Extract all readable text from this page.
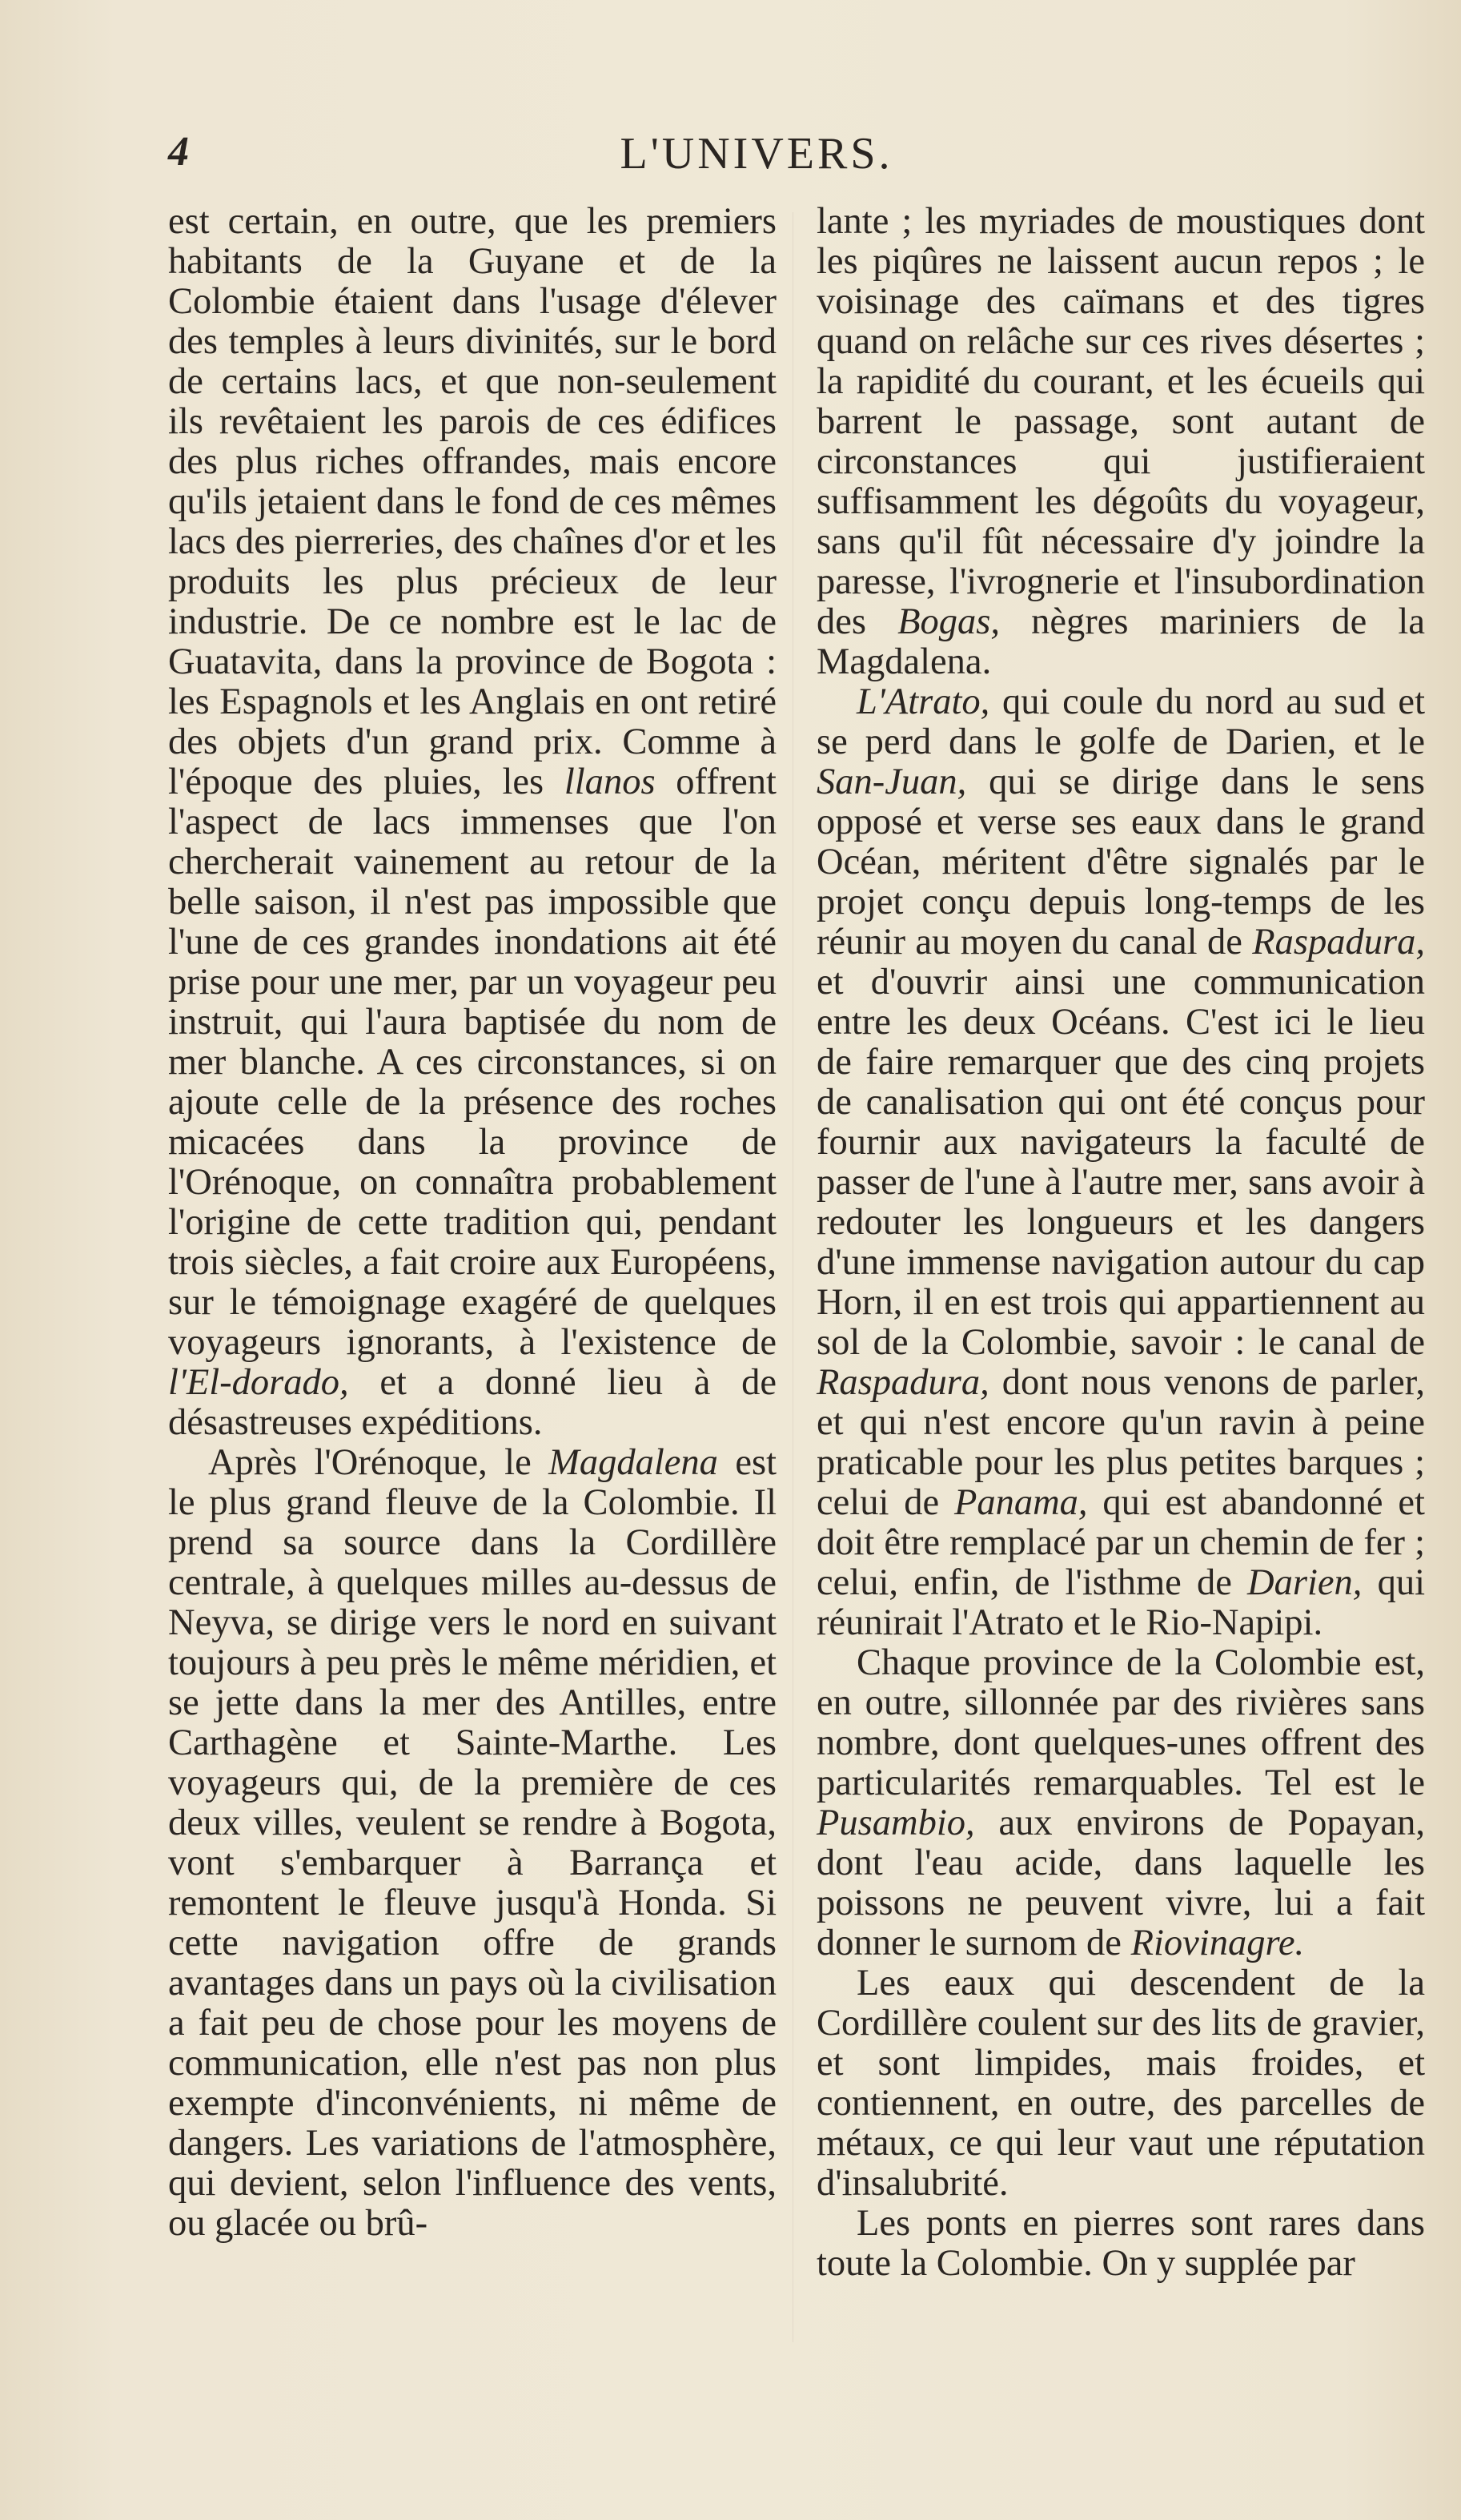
4	L'UNIVERS.

est certain, en outre, que les premiers habitants de la Guyane et de la Colombie étaient dans l'usage d'élever des temples à leurs divinités, sur le bord de certains lacs, et que non-seulement ils revêtaient les parois de ces édifices des plus riches offrandes, mais encore qu'ils jetaient dans le fond de ces mêmes lacs des pierreries, des chaînes d'or et les produits les plus précieux de leur industrie. De ce nombre est le lac de Guatavita, dans la province de Bogota : les Espagnols et les Anglais en ont retiré des objets d'un grand prix. Comme à l'époque des pluies, les llanos offrent l'aspect de lacs immenses que l'on chercherait vainement au retour de la belle saison, il n'est pas impossible que l'une de ces grandes inondations ait été prise pour une mer, par un voyageur peu instruit, qui l'aura baptisée du nom de mer blanche. A ces circonstances, si on ajoute celle de la présence des roches micacées dans la province de l'Orénoque, on connaîtra probablement l'origine de cette tradition qui, pendant trois siècles, a fait croire aux Européens, sur le témoignage exagéré de quelques voyageurs ignorants, à l'existence de l'El-dorado, et a donné lieu à de désastreuses expéditions.

Après l'Orénoque, le Magdalena est le plus grand fleuve de la Colombie. Il prend sa source dans la Cordillère centrale, à quelques milles au-dessus de Neyva, se dirige vers le nord en suivant toujours à peu près le même méridien, et se jette dans la mer des Antilles, entre Carthagène et Sainte-Marthe. Les voyageurs qui, de la première de ces deux villes, veulent se rendre à Bogota, vont s'embarquer à Barrança et remontent le fleuve jusqu'à Honda. Si cette navigation offre de grands avantages dans un pays où la civilisation a fait peu de chose pour les moyens de communication, elle n'est pas non plus exempte d'inconvénients, ni même de dangers. Les variations de l'atmosphère, qui devient, selon l'influence des vents, ou glacée ou brû-

lante ; les myriades de moustiques dont les piqûres ne laissent aucun repos ; le voisinage des caïmans et des tigres quand on relâche sur ces rives désertes ; la rapidité du courant, et les écueils qui barrent le passage, sont autant de circonstances qui justifieraient suffisamment les dégoûts du voyageur, sans qu'il fût nécessaire d'y joindre la paresse, l'ivrognerie et l'insubordination des Bogas, nègres mariniers de la Magdalena.

L'Atrato, qui coule du nord au sud et se perd dans le golfe de Darien, et le San-Juan, qui se dirige dans le sens opposé et verse ses eaux dans le grand Océan, méritent d'être signalés par le projet conçu depuis long-temps de les réunir au moyen du canal de Raspadura, et d'ouvrir ainsi une communication entre les deux Océans. C'est ici le lieu de faire remarquer que des cinq projets de canalisation qui ont été conçus pour fournir aux navigateurs la faculté de passer de l'une à l'autre mer, sans avoir à redouter les longueurs et les dangers d'une immense navigation autour du cap Horn, il en est trois qui appartiennent au sol de la Colombie, savoir : le canal de Raspadura, dont nous venons de parler, et qui n'est encore qu'un ravin à peine praticable pour les plus petites barques ; celui de Panama, qui est abandonné et doit être remplacé par un chemin de fer ; celui, enfin, de l'isthme de Darien, qui réunirait l'Atrato et le Rio-Napipi.

Chaque province de la Colombie est, en outre, sillonnée par des rivières sans nombre, dont quelques-unes offrent des particularités remarquables. Tel est le Pusambio, aux environs de Popayan, dont l'eau acide, dans laquelle les poissons ne peuvent vivre, lui a fait donner le surnom de Riovinagre.

Les eaux qui descendent de la Cordillère coulent sur des lits de gravier, et sont limpides, mais froides, et contiennent, en outre, des parcelles de métaux, ce qui leur vaut une réputation d'insalubrité.

Les ponts en pierres sont rares dans toute la Colombie. On y supplée par
